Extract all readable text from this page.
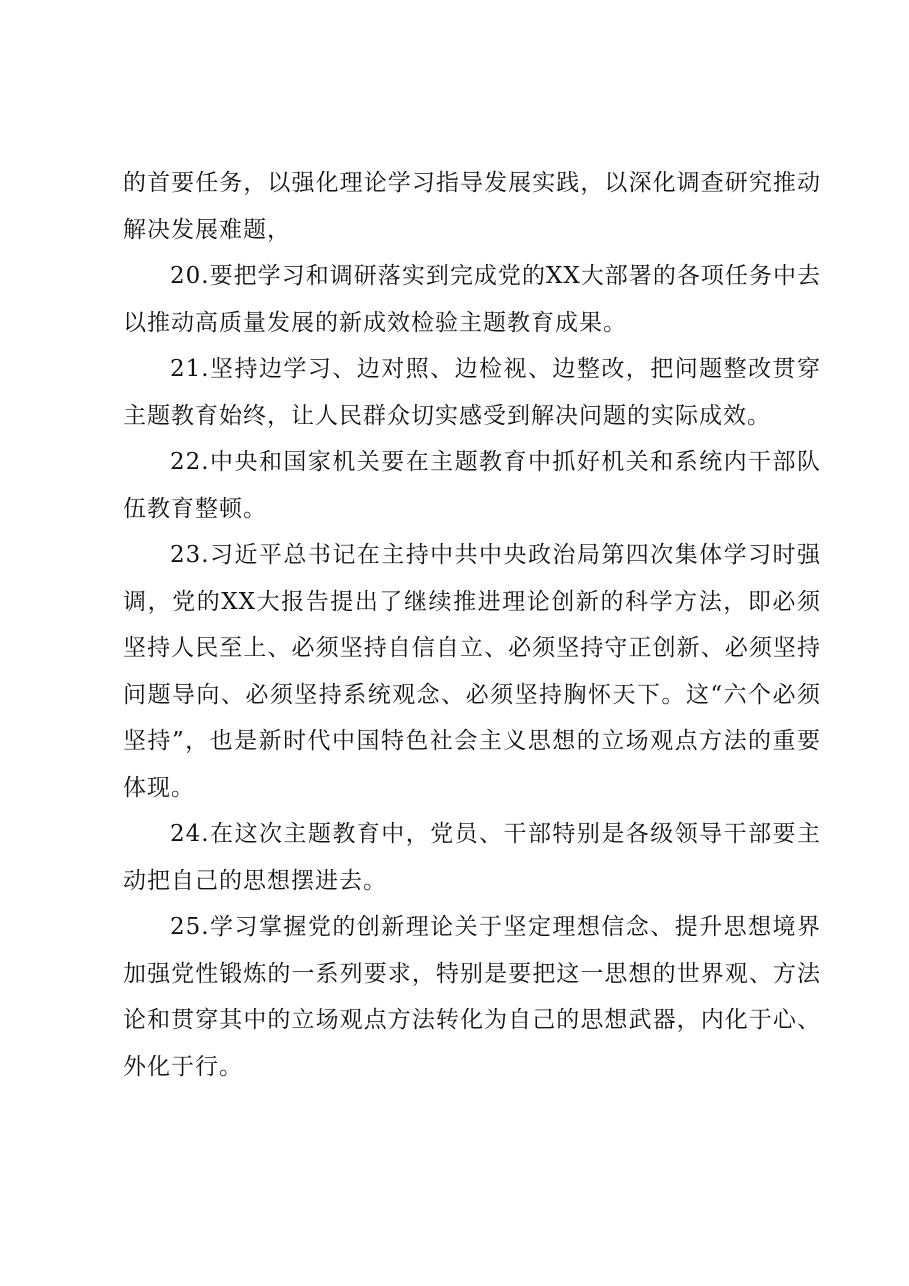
的首要任务，以强化理论学习指导发展实践，以深化调查研究推动解决发展难题，

20.要把学习和调研落实到完成党的XX大部署的各项任务中去以推动高质量发展的新成效检验主题教育成果。

21.坚持边学习、边对照、边检视、边整改，把问题整改贯穿主题教育始终，让人民群众切实感受到解决问题的实际成效。

22.中央和国家机关要在主题教育中抓好机关和系统内干部队伍教育整顿。

23.习近平总书记在主持中共中央政治局第四次集体学习时强调，党的XX大报告提出了继续推进理论创新的科学方法，即必须坚持人民至上、必须坚持自信自立、必须坚持守正创新、必须坚持问题导向、必须坚持系统观念、必须坚持胸怀天下。这“六个必须坚持”，也是新时代中国特色社会主义思想的立场观点方法的重要体现。

24.在这次主题教育中，党员、干部特别是各级领导干部要主动把自己的思想摆进去。

25.学习掌握党的创新理论关于坚定理想信念、提升思想境界加强党性锻炼的一系列要求，特别是要把这一思想的世界观、方法论和贯穿其中的立场观点方法转化为自己的思想武器，内化于心、外化于行。
